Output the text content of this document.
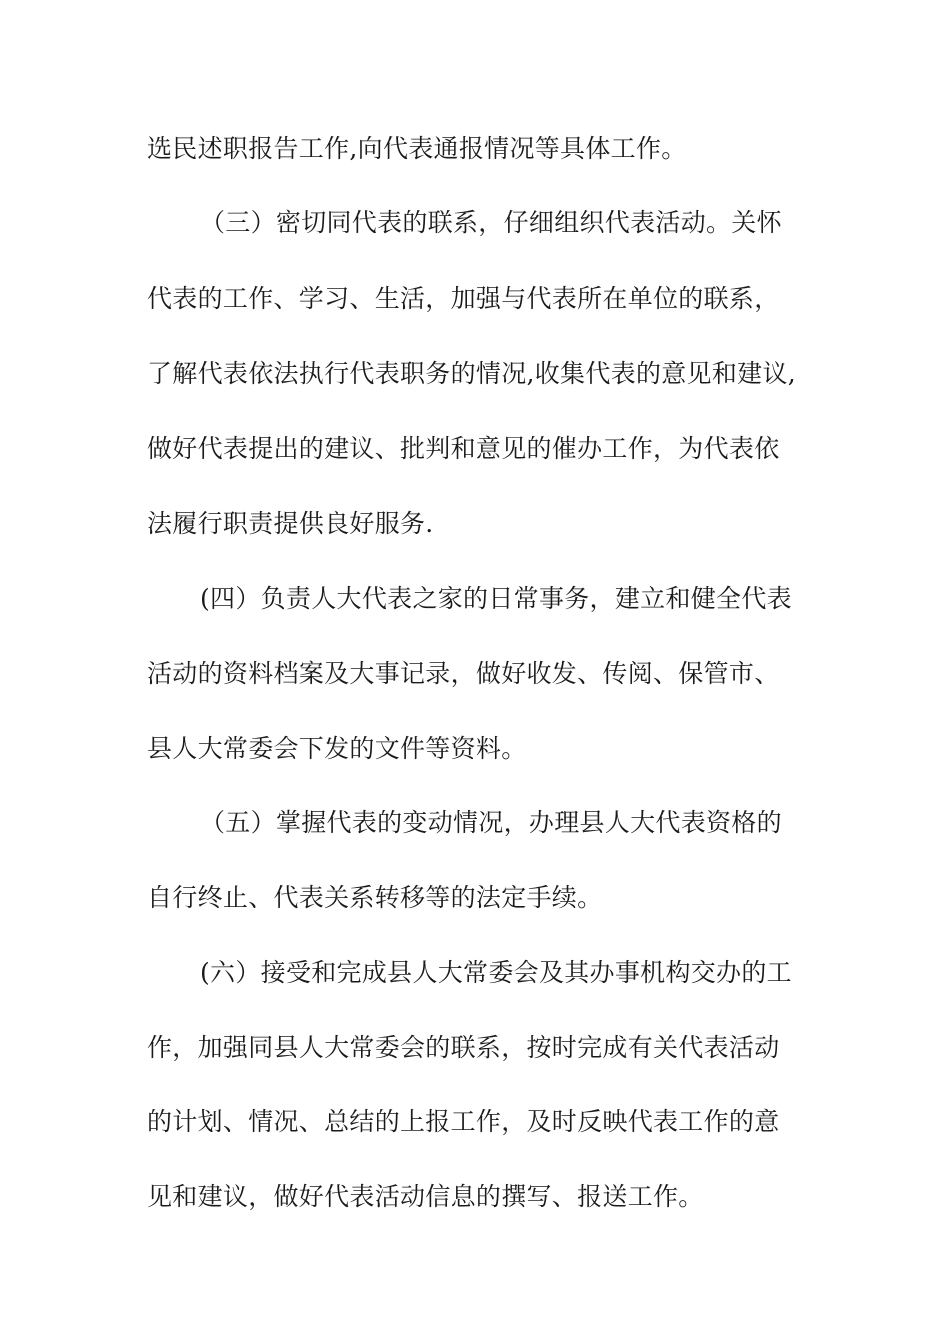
选民述职报告工作,向代表通报情况等具体工作。
（三）密切同代表的联系，仔细组织代表活动。关怀
代表的工作、学习、生活，加强与代表所在单位的联系，
了解代表依法执行代表职务的情况,收集代表的意见和建议,
做好代表提出的建议、批判和意见的催办工作，为代表依
法履行职责提供良好服务.
(四）负责人大代表之家的日常事务，建立和健全代表
活动的资料档案及大事记录，做好收发、传阅、保管市、
县人大常委会下发的文件等资料。
（五）掌握代表的变动情况，办理县人大代表资格的
自行终止、代表关系转移等的法定手续。
(六）接受和完成县人大常委会及其办事机构交办的工
作，加强同县人大常委会的联系，按时完成有关代表活动
的计划、情况、总结的上报工作，及时反映代表工作的意
见和建议，做好代表活动信息的撰写、报送工作。
